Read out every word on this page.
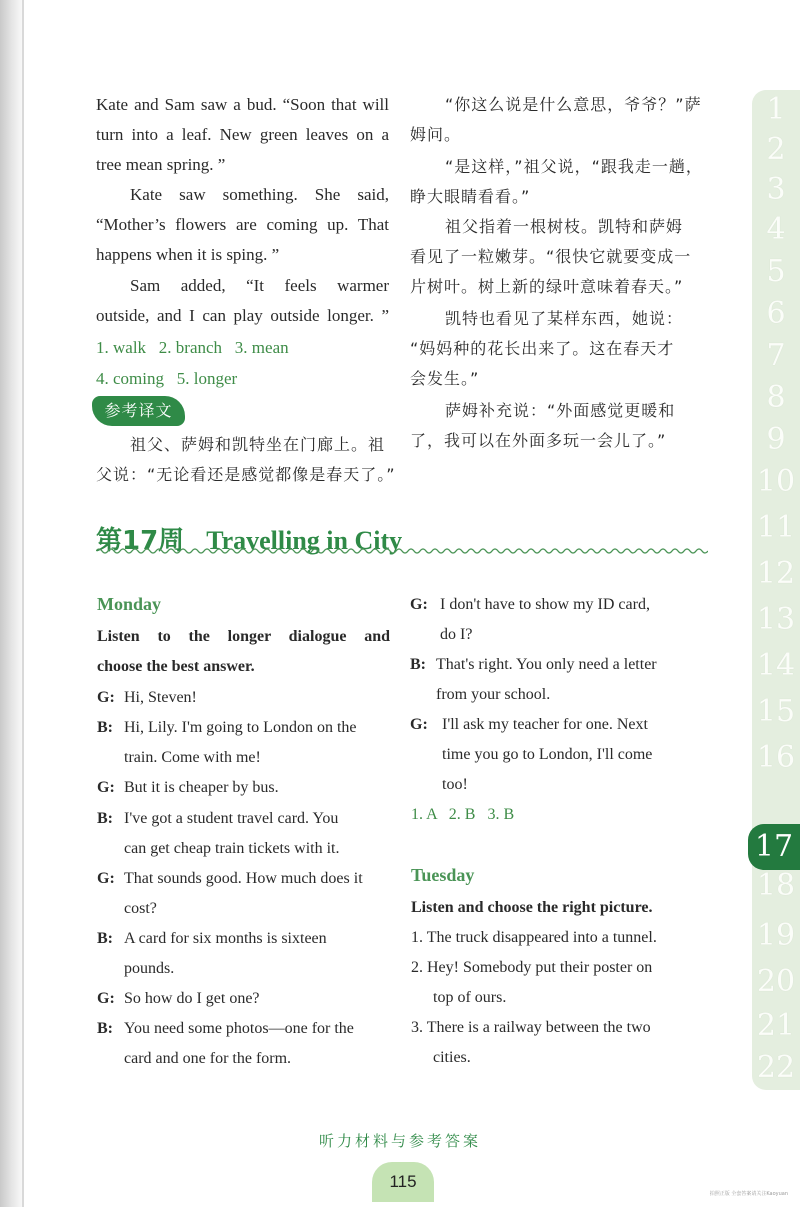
1
2
3
4
5
6
7
8
9
10
11
12
13
14
15
16
17
18
19
20
21
22
Kate and Sam saw a bud. “Soon that will
turn into a leaf. New green leaves on a
tree mean spring. ”
Kate saw something. She said,
“Mother’s flowers are coming up. That
happens when it is sping. ”
Sam added, “It feels warmer
outside, and I can play outside longer. ”
1. walk   2. branch   3. mean
4. coming   5. longer
参考译文
祖父、萨姆和凯特坐在门廊上。祖
父说：“无论看还是感觉都像是春天了。”
“你这么说是什么意思，爷爷？”萨
姆问。
“是这样，”祖父说，“跟我走一趟，
睁大眼睛看看。”
祖父指着一根树枝。凯特和萨姆
看见了一粒嫩芽。“很快它就要变成一
片树叶。树上新的绿叶意味着春天。”
凯特也看见了某样东西，她说：
“妈妈种的花长出来了。这在春天才
会发生。”
萨姆补充说：“外面感觉更暖和
了，我可以在外面多玩一会儿了。”
第17周 Travelling in City
Monday
Listen to the longer dialogue and
choose the best answer.
G: Hi, Steven!
B: Hi, Lily. I'm going to London on the
train. Come with me!
G: But it is cheaper by bus.
B: I've got a student travel card. You
can get cheap train tickets with it.
G: That sounds good. How much does it
cost?
B: A card for six months is sixteen
pounds.
G: So how do I get one?
B: You need some photos—one for the
card and one for the form.
G: I don't have to show my ID card,
do I?
B: That's right. You only need a letter
from your school.
G: I'll ask my teacher for one. Next
time you go to London, I'll come
too!
1. A   2. B   3. B
Tuesday
Listen and choose the right picture.
1. The truck disappeared into a tunnel.
2. Hey! Somebody put their poster on
top of ours.
3. There is a railway between the two
cities.
听力材料与参考答案
115
拍照正版 全套答案请关注Kaoyuan
